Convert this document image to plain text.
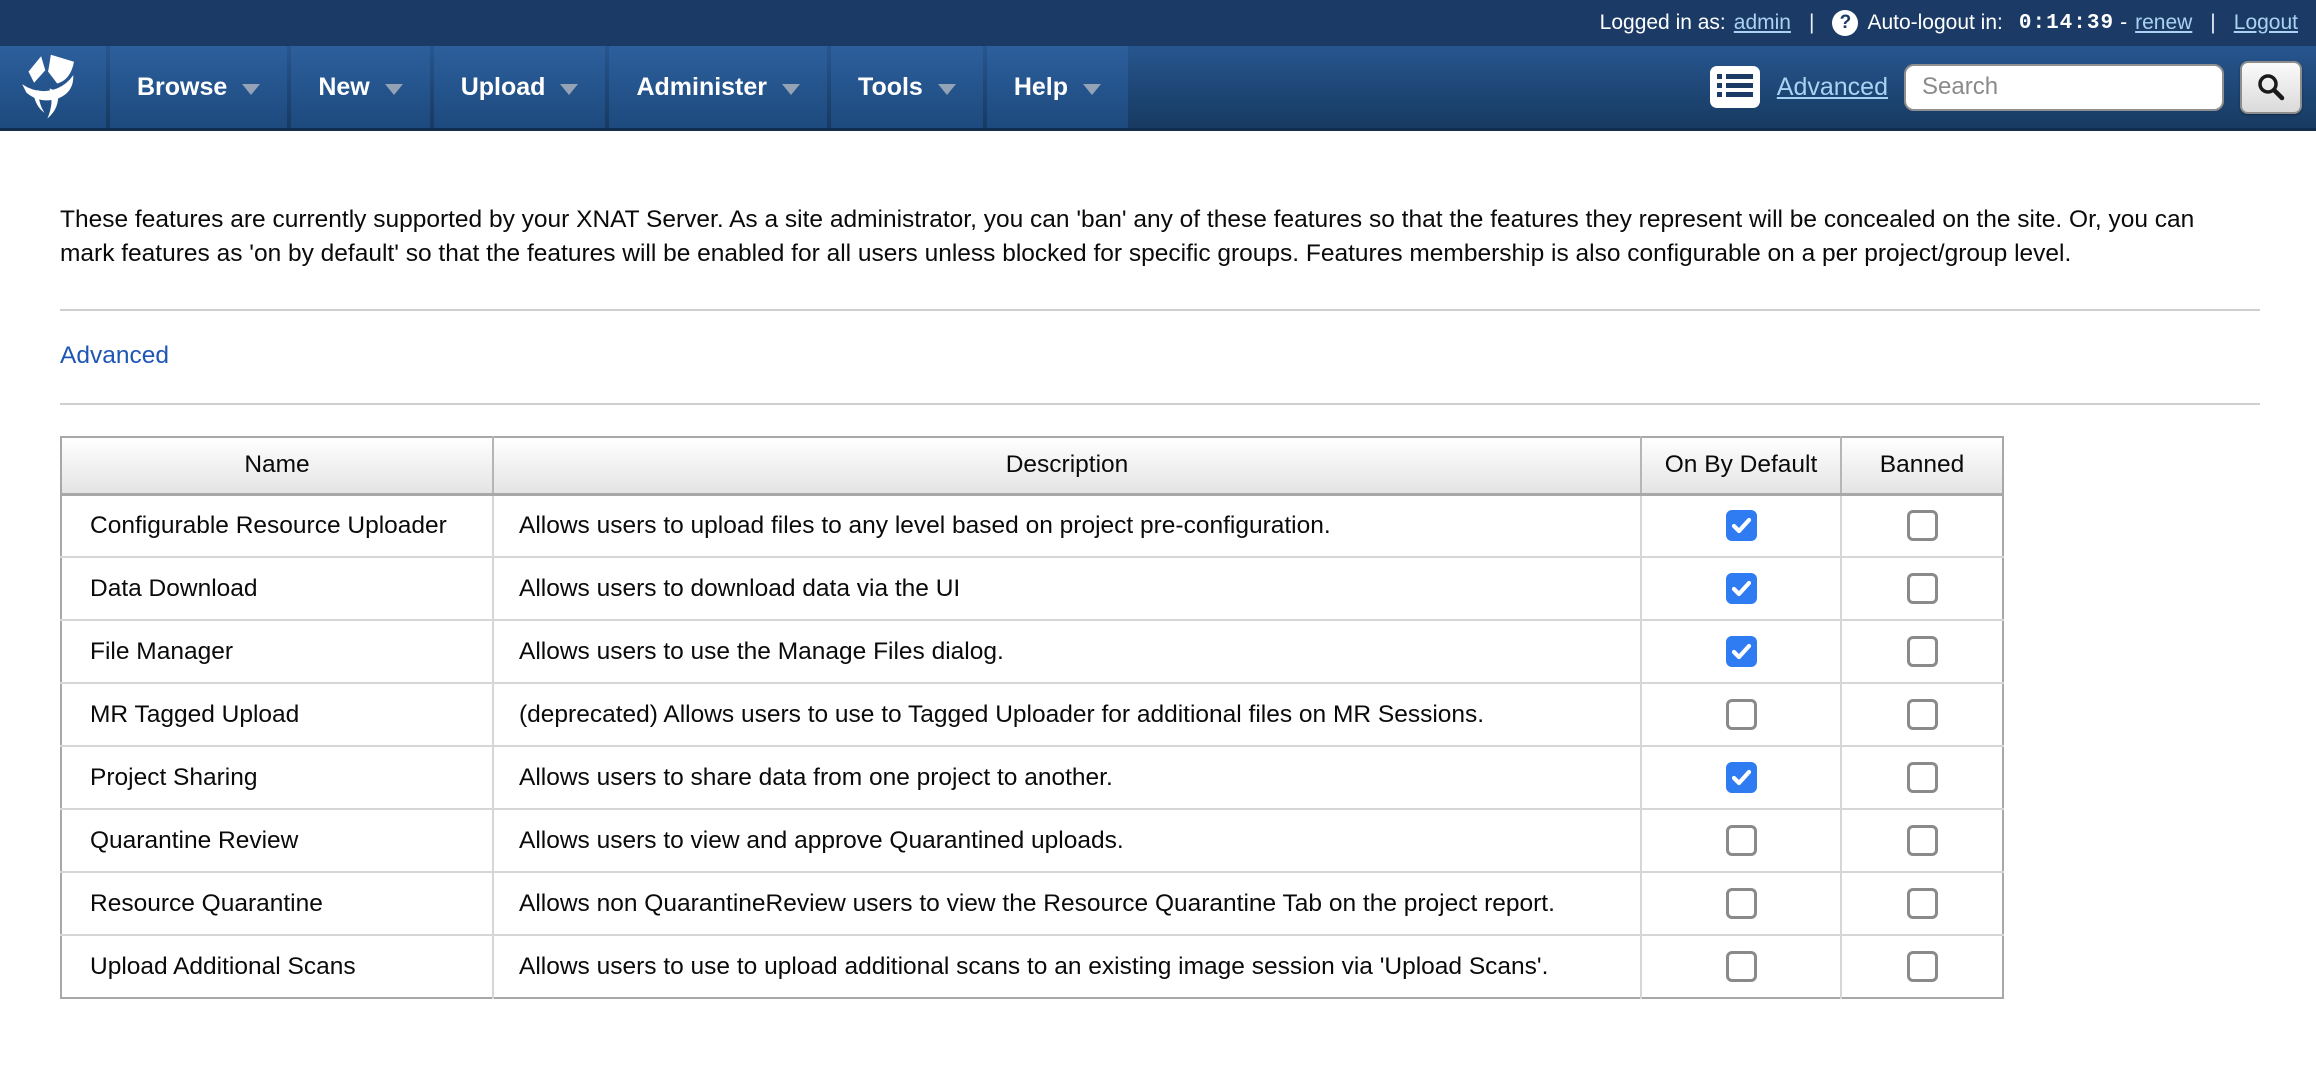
Logged in as: admin |	? Auto-logout in: 0:14:39 - renew | Logout
Browse	New	Upload	Administer	Tools	Help	Advanced
Search

These features are currently supported by your XNAT Server. As a site administrator, you can 'ban' any of these features so that the features they represent will be concealed on the site. Or, you can mark features as 'on by default' so that the features will be enabled for all users unless blocked for specific groups. Features membership is also configurable on a per project/group level.

Advanced
Name	Description	On By Default	Banned
Configurable Resource Uploader	Allows users to upload files to any level based on project pre-configuration.	

Data Download	Allows users to download data via the UI	

File Manager	Allows users to use the Manage Files dialog.	

MR Tagged Upload	(deprecated) Allows users to use to Tagged Uploader for additional files on MR Sessions.		
Project Sharing	Allows users to share data from one project to another.	

Quarantine Review	Allows users to view and approve Quarantined uploads.		
Resource Quarantine	Allows non QuarantineReview users to view the Resource Quarantine Tab on the project report.		
Upload Additional Scans	Allows users to use to upload additional scans to an existing image session via 'Upload Scans'.		
